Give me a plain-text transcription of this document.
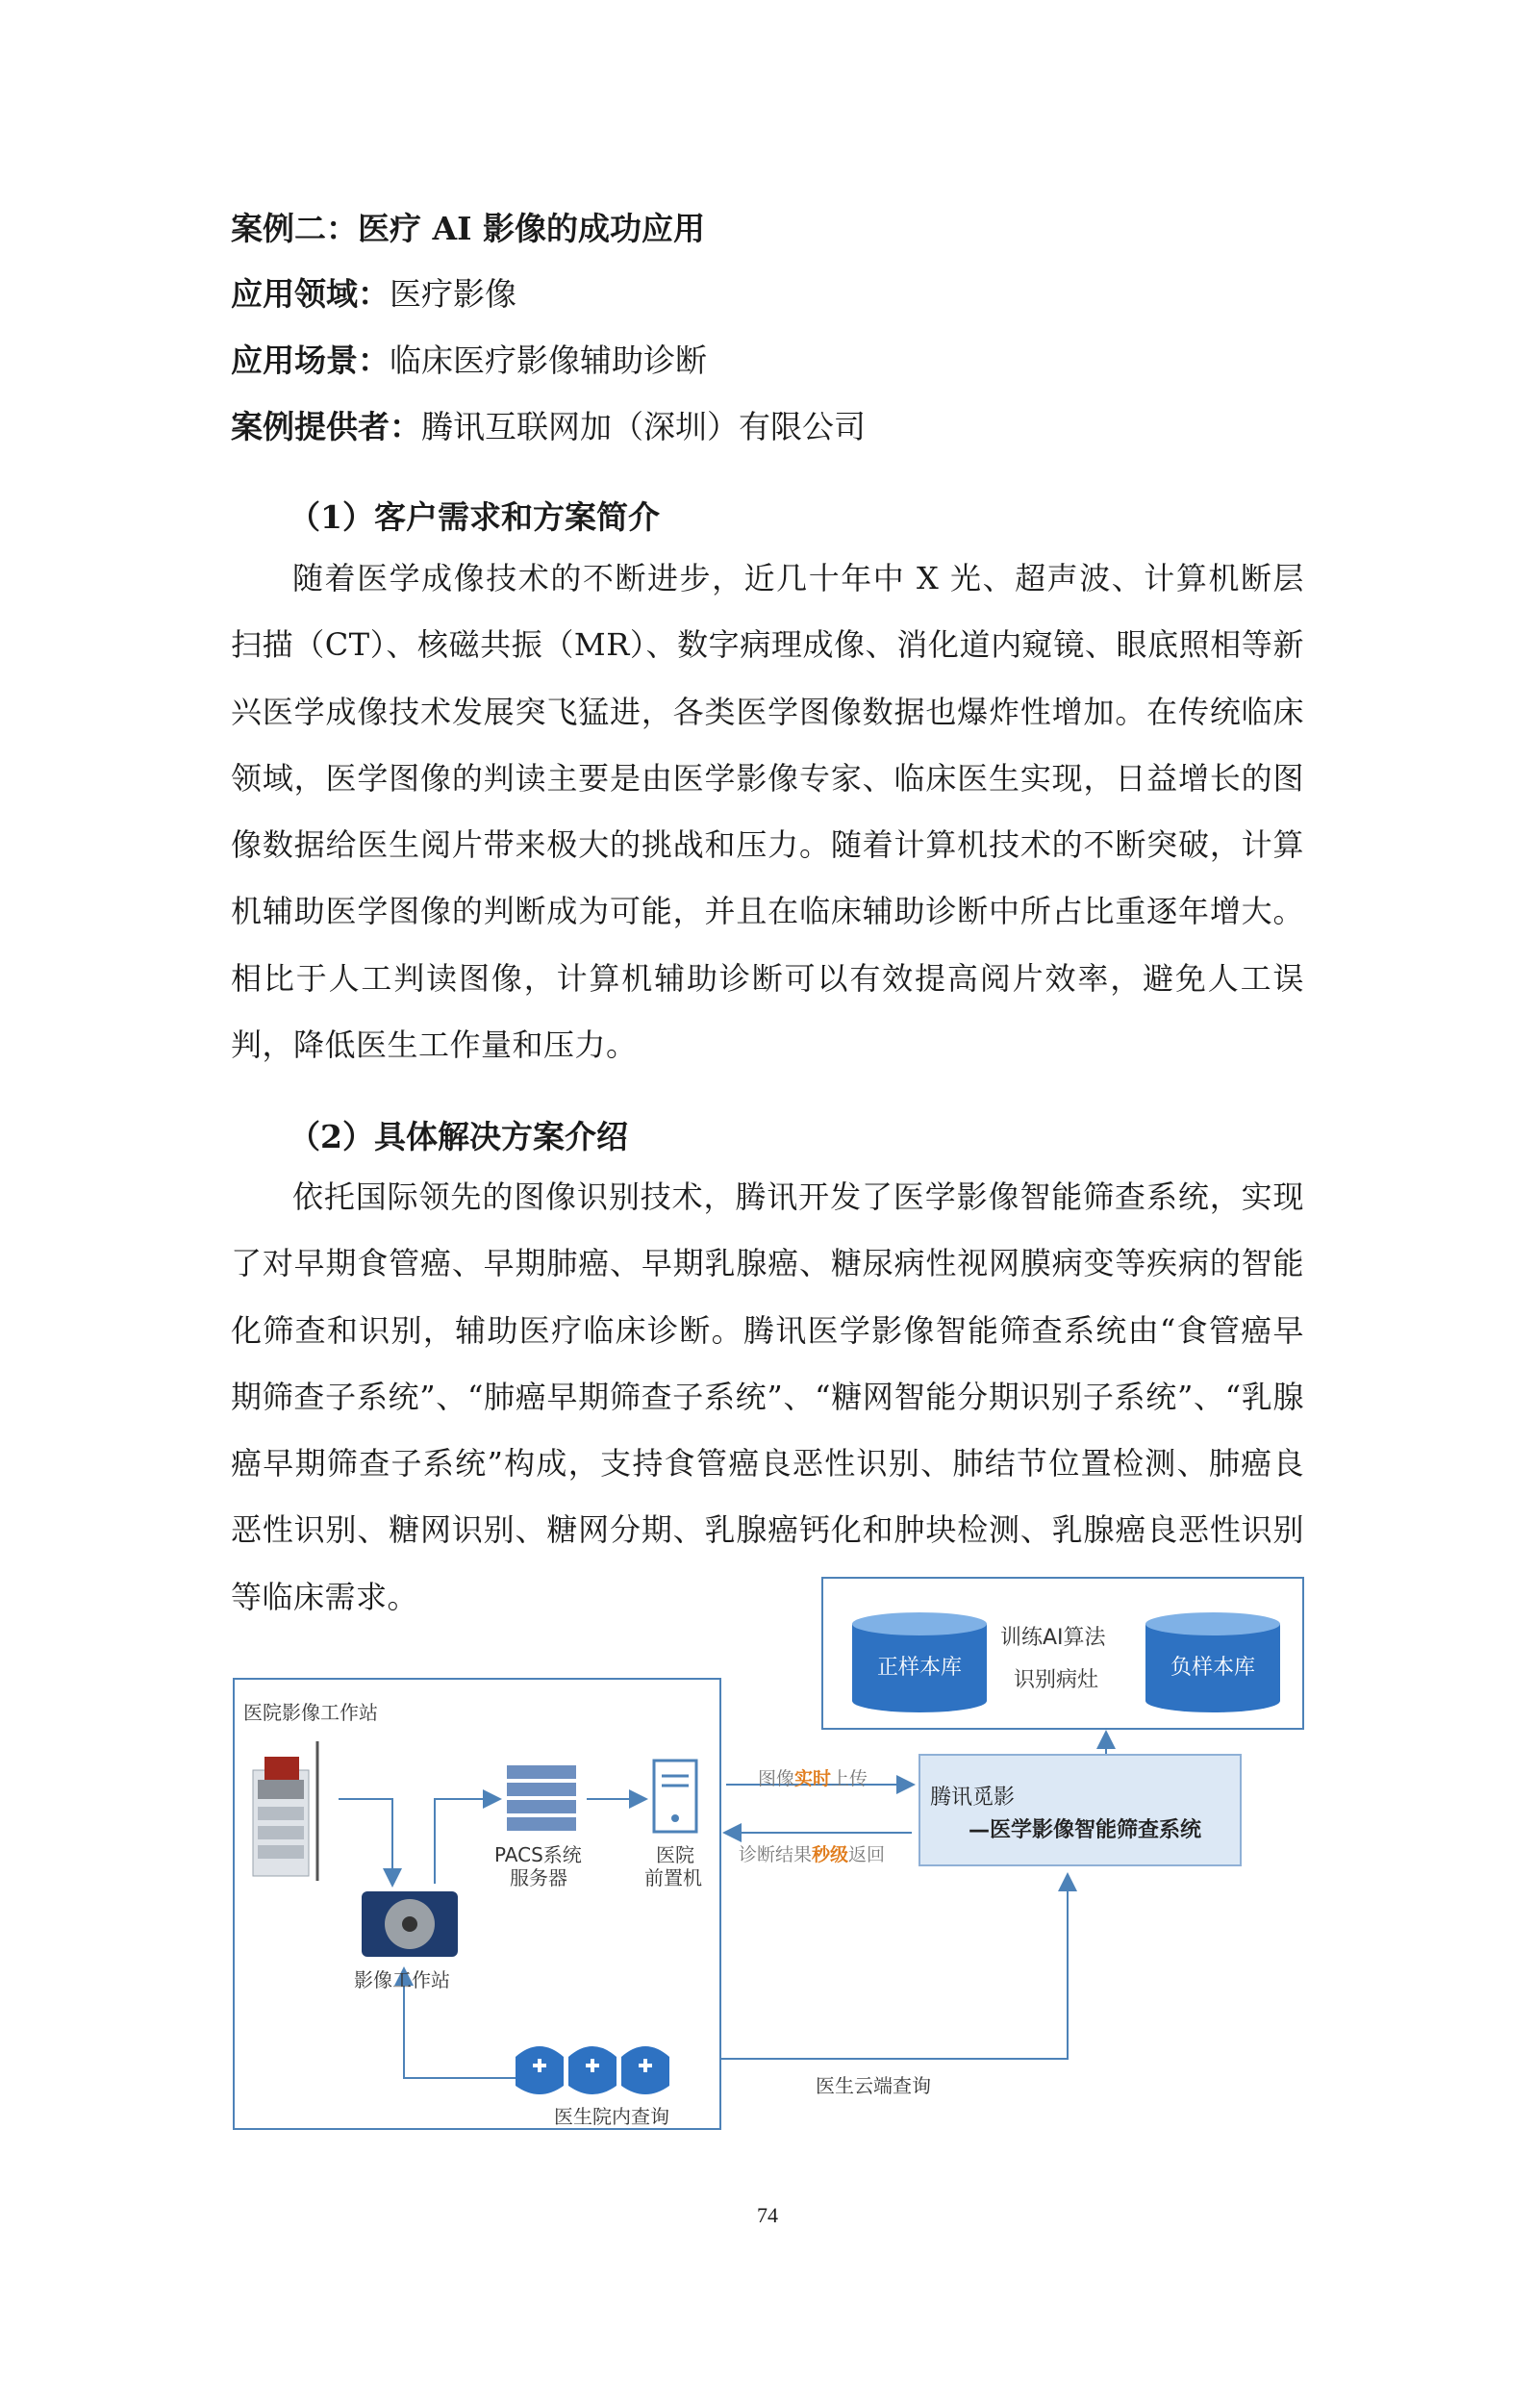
案例二：医疗 AI 影像的成功应用
应用领域：医疗影像
应用场景：临床医疗影像辅助诊断
案例提供者：腾讯互联网加（深圳）有限公司
（1）客户需求和方案简介
随着医学成像技术的不断进步，近几十年中 X 光、超声波、计算机断层扫描（CT）、核磁共振（MR）、数字病理成像、消化道内窥镜、眼底照相等新兴医学成像技术发展突飞猛进，各类医学图像数据也爆炸性增加。在传统临床领域，医学图像的判读主要是由医学影像专家、临床医生实现，日益增长的图像数据给医生阅片带来极大的挑战和压力。随着计算机技术的不断突破，计算机辅助医学图像的判断成为可能，并且在临床辅助诊断中所占比重逐年增大。相比于人工判读图像，计算机辅助诊断可以有效提高阅片效率，避免人工误判，降低医生工作量和压力。
（2）具体解决方案介绍
依托国际领先的图像识别技术，腾讯开发了医学影像智能筛查系统，实现了对早期食管癌、早期肺癌、早期乳腺癌、糖尿病性视网膜病变等疾病的智能化筛查和识别，辅助医疗临床诊断。腾讯医学影像智能筛查系统由“食管癌早期筛查子系统”、“肺癌早期筛查子系统”、“糖网智能分期识别子系统”、“乳腺癌早期筛查子系统”构成，支持食管癌良恶性识别、肺结节位置检测、肺癌良恶性识别、糖网识别、糖网分期、乳腺癌钙化和肿块检测、乳腺癌良恶性识别等临床需求。
正样本库	负样本库
训练AI算法
识别病灶
医院影像工作站
PACS系统
服务器
医院
前置机
影像工作站
医生院内查询
医生云端查询
图像实时上传
诊断结果秒级返回
腾讯觅影
—医学影像智能筛查系统
74
